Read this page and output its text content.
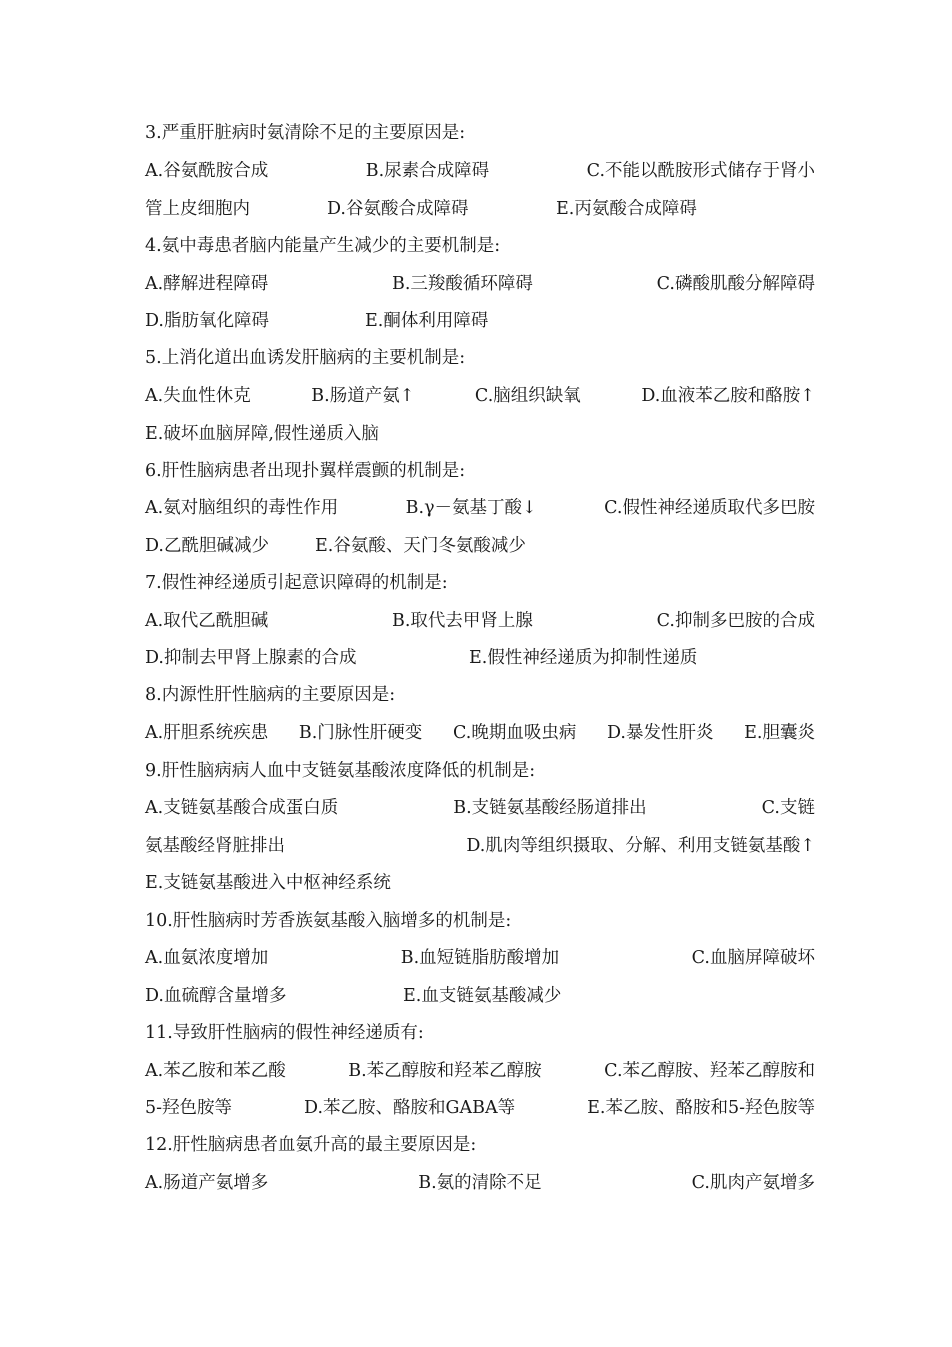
3.严重肝脏病时氨清除不足的主要原因是:
A.谷氨酰胺合成	B.尿素合成障碍	C.不能以酰胺形式储存于肾小
管上皮细胞内	D.谷氨酸合成障碍	E.丙氨酸合成障碍
4.氨中毒患者脑内能量产生减少的主要机制是:
A.酵解进程障碍	B.三羧酸循环障碍	C.磷酸肌酸分解障碍
D.脂肪氧化障碍	E.酮体利用障碍
5.上消化道出血诱发肝脑病的主要机制是:
A.失血性休克	B.肠道产氨↑	C.脑组织缺氧	D.血液苯乙胺和酪胺↑
E.破坏血脑屏障,假性递质入脑
6.肝性脑病患者出现扑翼样震颤的机制是:
A.氨对脑组织的毒性作用	B.γ－氨基丁酸↓	C.假性神经递质取代多巴胺
D.乙酰胆碱减少	E.谷氨酸、天门冬氨酸减少
7.假性神经递质引起意识障碍的机制是:
A.取代乙酰胆碱	B.取代去甲肾上腺	C.抑制多巴胺的合成
D.抑制去甲肾上腺素的合成	E.假性神经递质为抑制性递质
8.内源性肝性脑病的主要原因是:
A.肝胆系统疾患 B.门脉性肝硬变 C.晚期血吸虫病 D.暴发性肝炎 E.胆囊炎
9.肝性脑病病人血中支链氨基酸浓度降低的机制是:
A.支链氨基酸合成蛋白质	B.支链氨基酸经肠道排出	C.支链
氨基酸经肾脏排出	D.肌肉等组织摄取、分解、利用支链氨基酸↑
E.支链氨基酸进入中枢神经系统
10.肝性脑病时芳香族氨基酸入脑增多的机制是:
A.血氨浓度增加	B.血短链脂肪酸增加	C.血脑屏障破坏
D.血硫醇含量增多	E.血支链氨基酸减少
11.导致肝性脑病的假性神经递质有:
A.苯乙胺和苯乙酸	B.苯乙醇胺和羟苯乙醇胺	C.苯乙醇胺、羟苯乙醇胺和
5-羟色胺等	D.苯乙胺、酪胺和GABA等	E.苯乙胺、酪胺和5-羟色胺等
12.肝性脑病患者血氨升高的最主要原因是:
A.肠道产氨增多	B.氨的清除不足	C.肌肉产氨增多
